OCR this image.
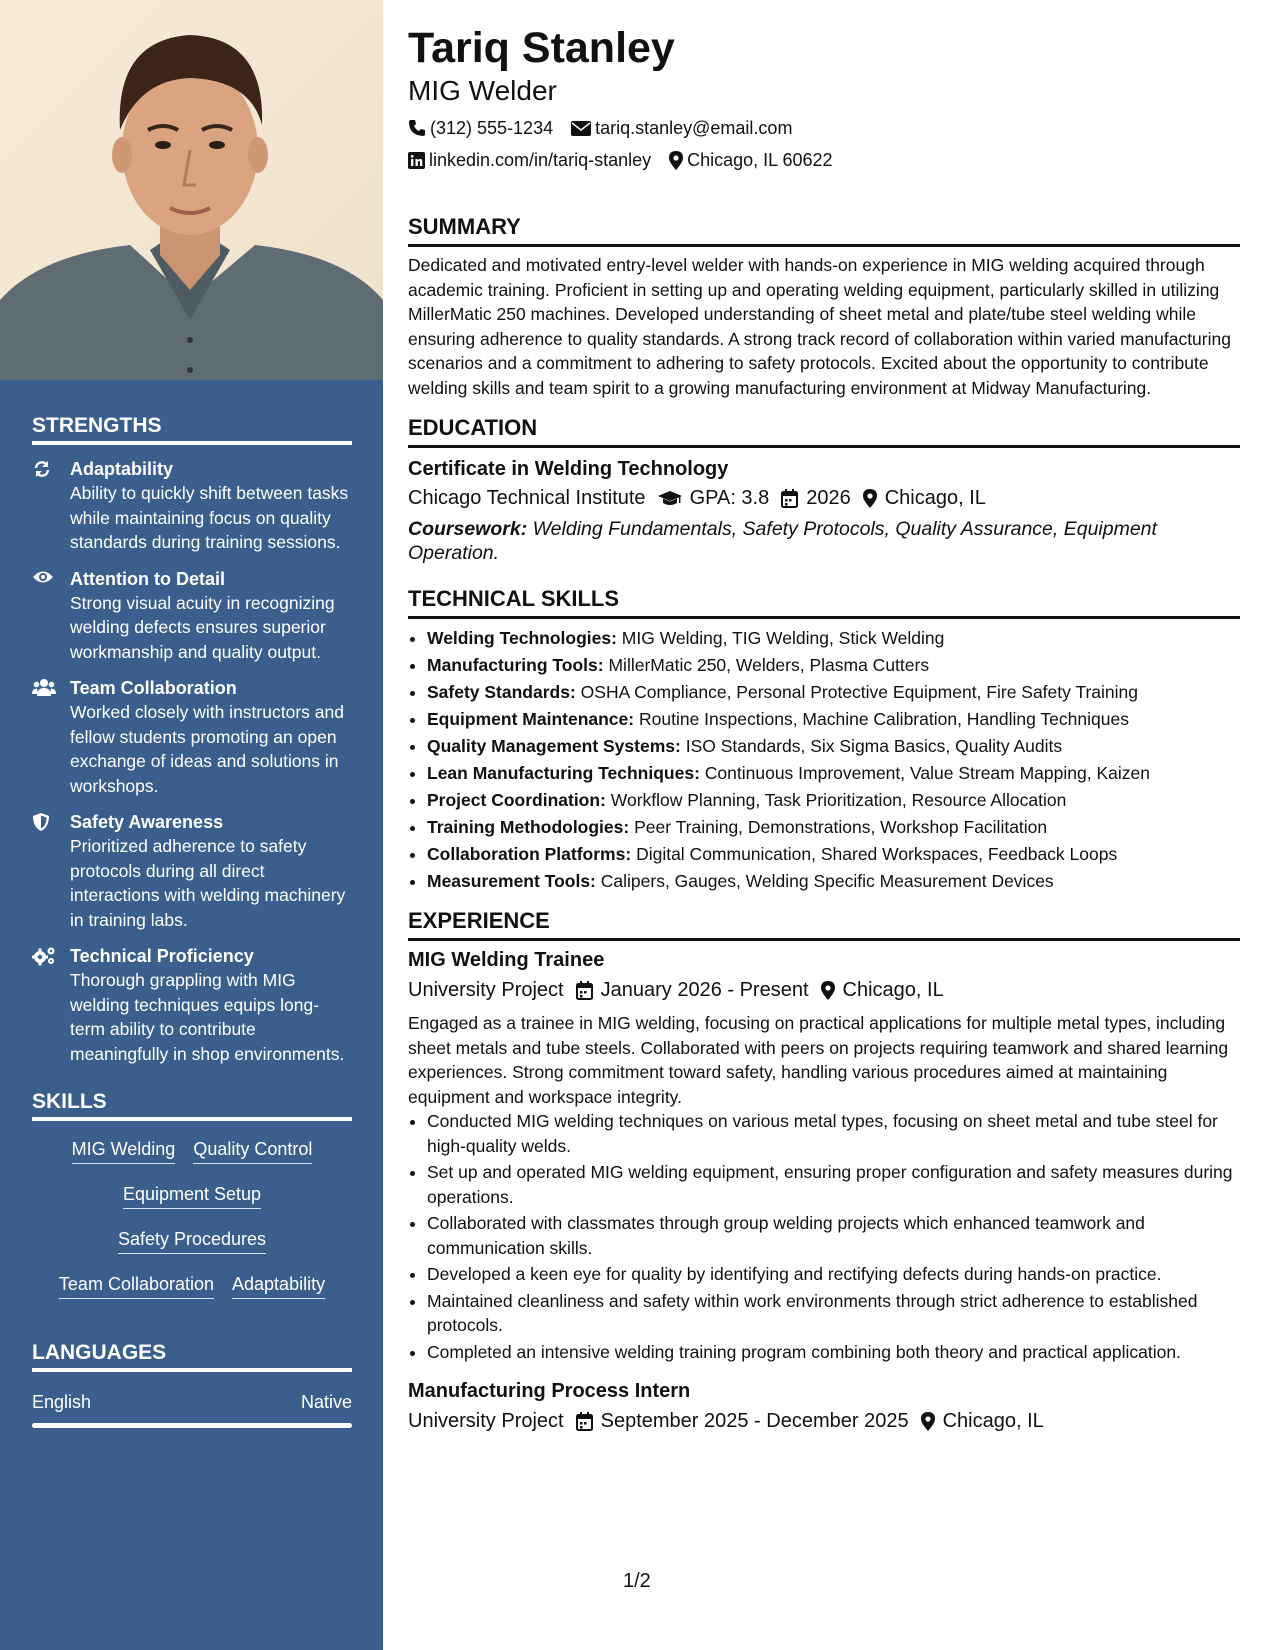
STRENGTHS
Adaptability
Ability to quickly shift between tasks while maintaining focus on quality standards during training sessions.
Attention to Detail
Strong visual acuity in recognizing welding defects ensures superior workmanship and quality output.
Team Collaboration
Worked closely with instructors and fellow students promoting an open exchange of ideas and solutions in workshops.
Safety Awareness
Prioritized adherence to safety protocols during all direct interactions with welding machinery in training labs.
Technical Proficiency
Thorough grappling with MIG welding techniques equips long-term ability to contribute meaningfully in shop environments.
SKILLS
MIG Welding Quality Control
Equipment Setup
Safety Procedures
Team Collaboration Adaptability
LANGUAGES
English	Native
Tariq Stanley
MIG Welder
(312) 555-1234 tariq.stanley@email.com
linkedin.com/in/tariq-stanley Chicago, IL 60622
SUMMARY

Dedicated and motivated entry-level welder with hands-on experience in MIG welding acquired through academic training. Proficient in setting up and operating welding equipment, particularly skilled in utilizing MillerMatic 250 machines. Developed understanding of sheet metal and plate/tube steel welding while ensuring adherence to quality standards. A strong track record of collaboration within varied manufacturing scenarios and a commitment to adhering to safety protocols. Excited about the opportunity to contribute welding skills and team spirit to a growing manufacturing environment at Midway Manufacturing.

EDUCATION
Certificate in Welding Technology
Chicago Technical Institute GPA: 3.8 2026 Chicago, IL
Coursework: Welding Fundamentals, Safety Protocols, Quality Assurance, Equipment Operation.
TECHNICAL SKILLS
• Welding Technologies: MIG Welding, TIG Welding, Stick Welding
• Manufacturing Tools: MillerMatic 250, Welders, Plasma Cutters
• Safety Standards: OSHA Compliance, Personal Protective Equipment, Fire Safety Training
• Equipment Maintenance: Routine Inspections, Machine Calibration, Handling Techniques
• Quality Management Systems: ISO Standards, Six Sigma Basics, Quality Audits
• Lean Manufacturing Techniques: Continuous Improvement, Value Stream Mapping, Kaizen
• Project Coordination: Workflow Planning, Task Prioritization, Resource Allocation
• Training Methodologies: Peer Training, Demonstrations, Workshop Facilitation
• Collaboration Platforms: Digital Communication, Shared Workspaces, Feedback Loops
• Measurement Tools: Calipers, Gauges, Welding Specific Measurement Devices
EXPERIENCE
MIG Welding Trainee
University Project January 2026 - Present Chicago, IL

Engaged as a trainee in MIG welding, focusing on practical applications for multiple metal types, including sheet metals and tube steels. Collaborated with peers on projects requiring teamwork and shared learning experiences. Strong commitment toward safety, handling various procedures aimed at maintaining equipment and workspace integrity.

• Conducted MIG welding techniques on various metal types, focusing on sheet metal and tube steel for high-quality welds.
• Set up and operated MIG welding equipment, ensuring proper configuration and safety measures during operations.
• Collaborated with classmates through group welding projects which enhanced teamwork and communication skills.
• Developed a keen eye for quality by identifying and rectifying defects during hands-on practice.
• Maintained cleanliness and safety within work environments through strict adherence to established protocols.
• Completed an intensive welding training program combining both theory and practical application.
Manufacturing Process Intern
University Project September 2025 - December 2025 Chicago, IL
1/2
